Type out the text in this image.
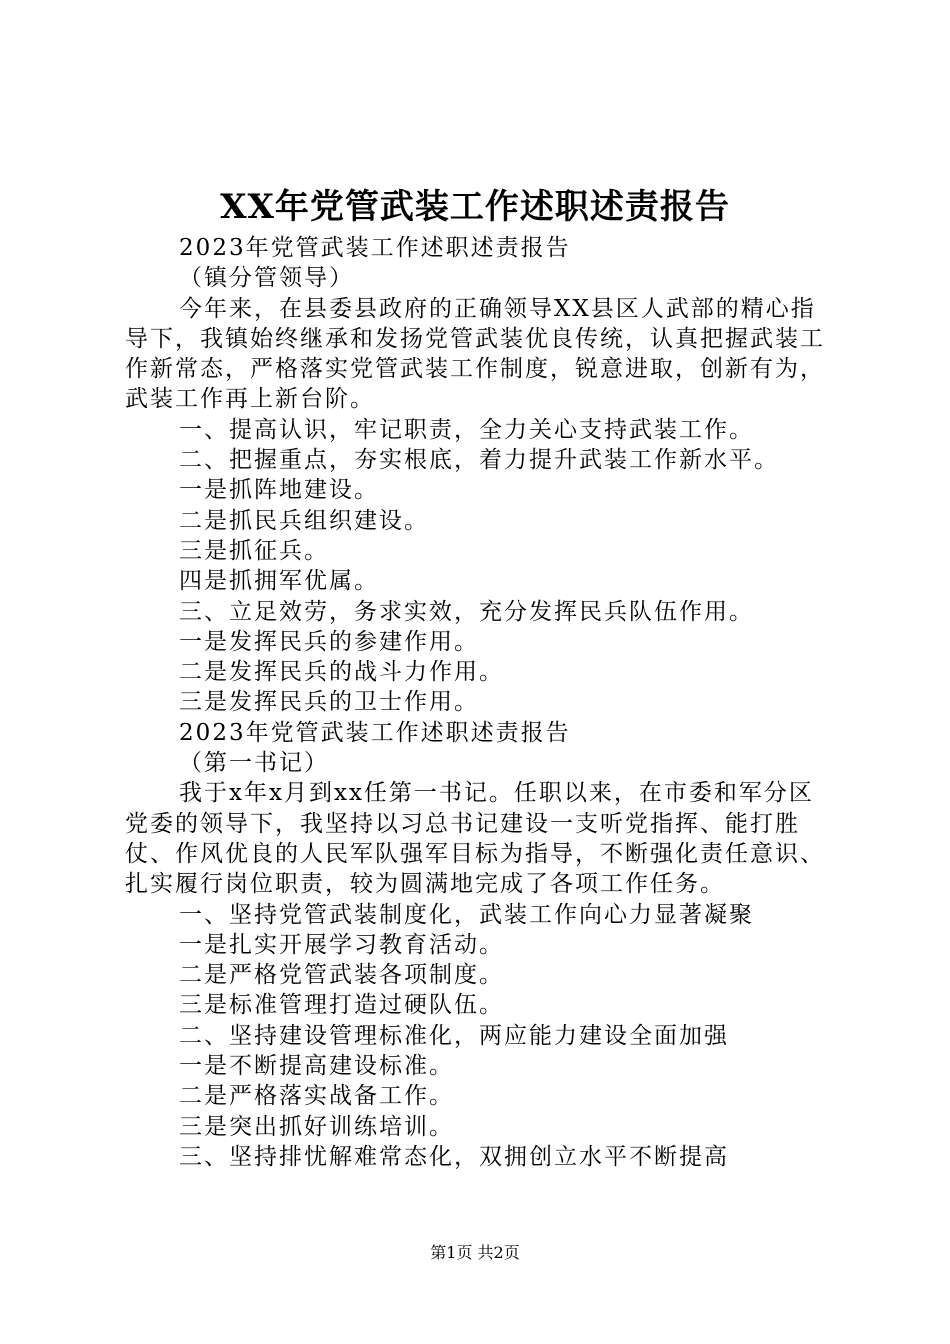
XX年党管武装工作述职述责报告

2023年党管武装工作述职述责报告

（镇分管领导）

今年来，在县委县政府的正确领导XX县区人武部的精心指导下，我镇始终继承和发扬党管武装优良传统，认真把握武装工作新常态，严格落实党管武装工作制度，锐意进取，创新有为，武装工作再上新台阶。

一、提高认识，牢记职责，全力关心支持武装工作。

二、把握重点，夯实根底，着力提升武装工作新水平。

一是抓阵地建设。

二是抓民兵组织建设。

三是抓征兵。

四是抓拥军优属。

三、立足效劳，务求实效，充分发挥民兵队伍作用。

一是发挥民兵的参建作用。

二是发挥民兵的战斗力作用。

三是发挥民兵的卫士作用。

2023年党管武装工作述职述责报告

（第一书记）

我于x年x月到xx任第一书记。任职以来，在市委和军分区党委的领导下，我坚持以习总书记建设一支听党指挥、能打胜仗、作风优良的人民军队强军目标为指导，不断强化责任意识、扎实履行岗位职责，较为圆满地完成了各项工作任务。

一、坚持党管武装制度化，武装工作向心力显著凝聚

一是扎实开展学习教育活动。

二是严格党管武装各项制度。

三是标准管理打造过硬队伍。

二、坚持建设管理标准化，两应能力建设全面加强

一是不断提高建设标准。

二是严格落实战备工作。

三是突出抓好训练培训。

三、坚持排忧解难常态化，双拥创立水平不断提高

第1页 共2页
